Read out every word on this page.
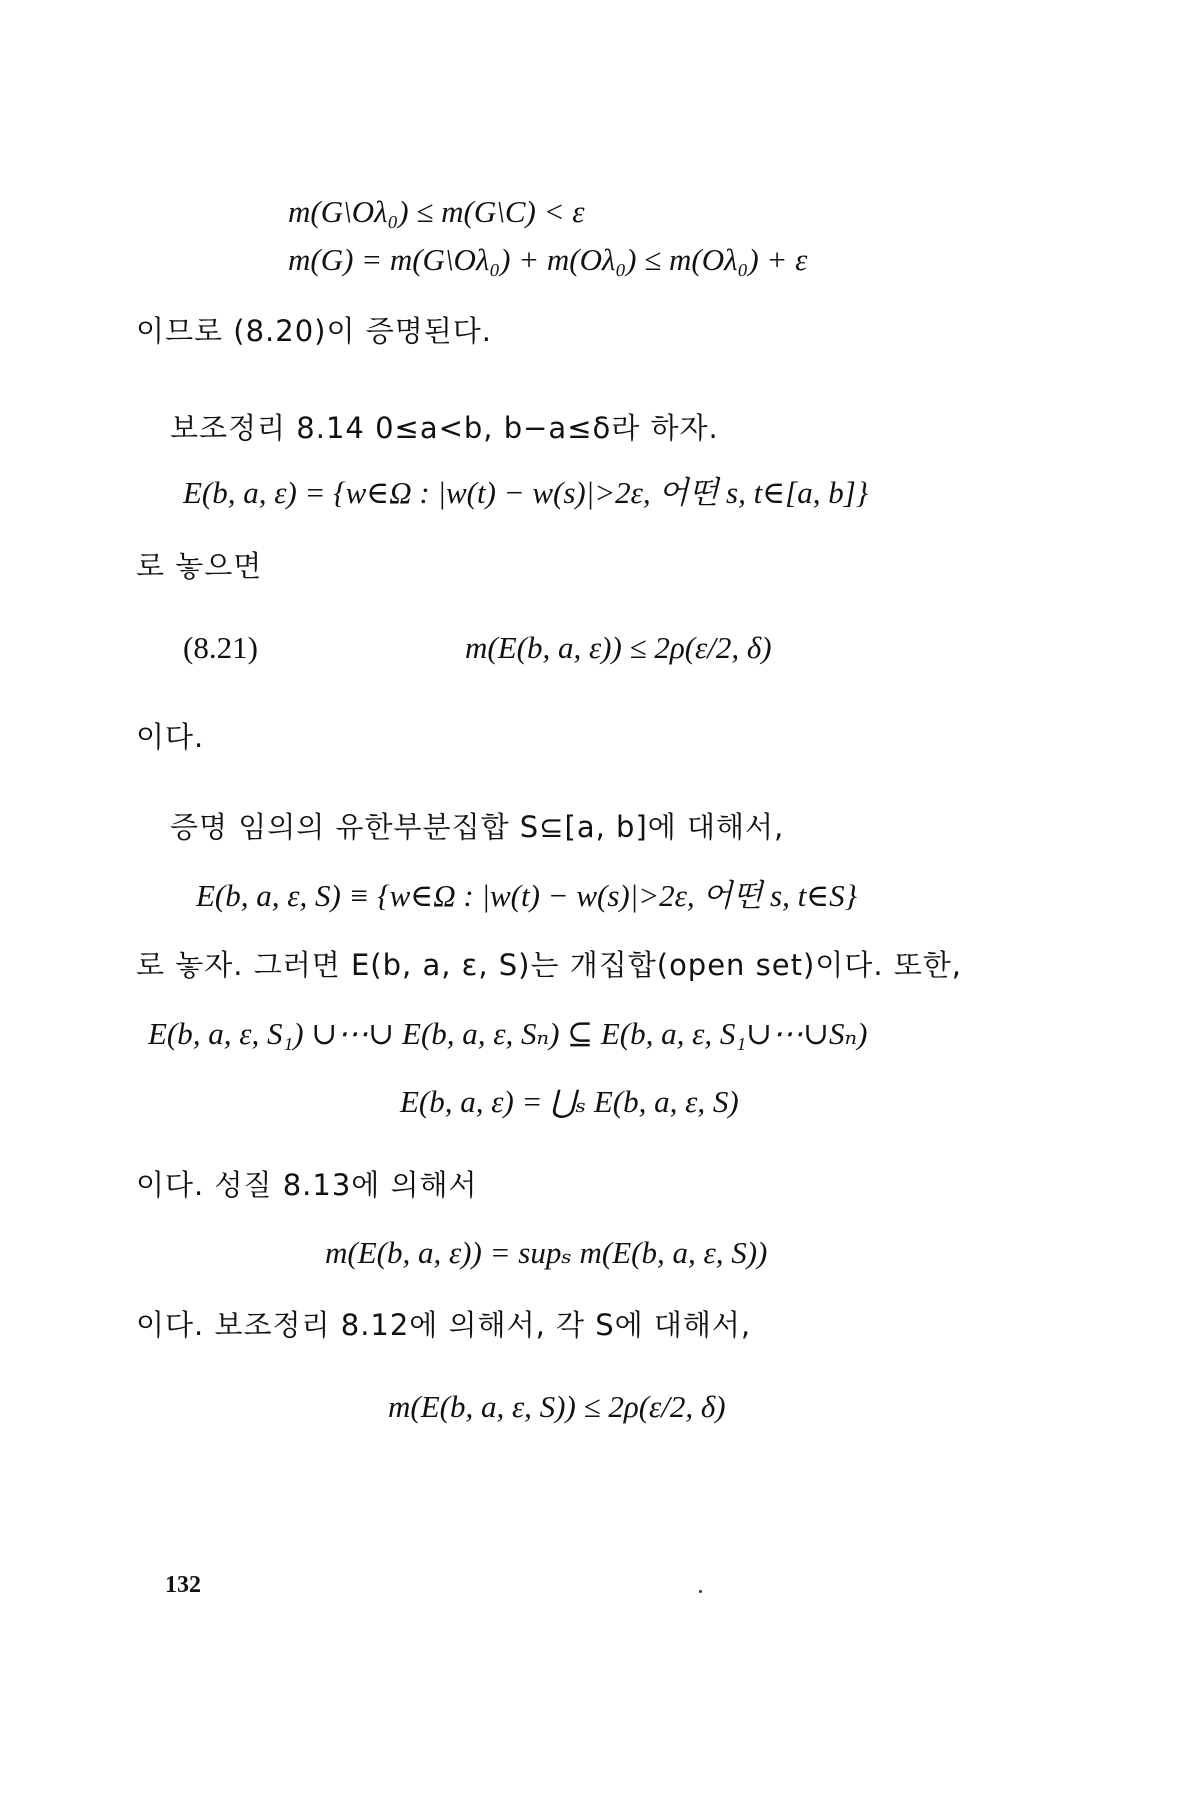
m(G\Oλ₀) ≤ m(G\C) < ε
m(G) = m(G\Oλ₀) + m(Oλ₀) ≤ m(Oλ₀) + ε
이므로 (8.20)이 증명된다.
보조정리 8.14 0≤a<b, b−a≤δ라 하자.
E(b, a, ε) = {w∈Ω : |w(t) − w(s)|>2ε, 어떤 s, t∈[a, b]}
로 놓으면
(8.21)	m(E(b, a, ε)) ≤ 2ρ(ε/2, δ)
이다.
증명 임의의 유한부분집합 S⊆[a, b]에 대해서,
E(b, a, ε, S) ≡ {w∈Ω : |w(t) − w(s)|>2ε, 어떤 s, t∈S}
로 놓자. 그러면 E(b, a, ε, S)는 개집합(open set)이다. 또한,
E(b, a, ε, S₁) ∪⋯∪ E(b, a, ε, Sₙ) ⊆ E(b, a, ε, S₁∪⋯∪Sₙ)
E(b, a, ε) = ⋃ₛ E(b, a, ε, S)
이다. 성질 8.13에 의해서
m(E(b, a, ε)) = supₛ m(E(b, a, ε, S))
이다. 보조정리 8.12에 의해서, 각 S에 대해서,
m(E(b, a, ε, S)) ≤ 2ρ(ε/2, δ)
132
